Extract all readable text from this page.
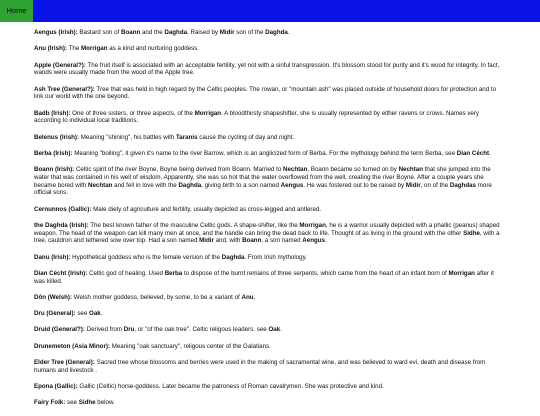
Home
Aengus (Irish): Bastard son of Boann and the Daghda. Raised by Midir son of the Daghda.
Anu (Irish): The Morrigan as a kind and nurturing goddess.
Apple (General?): The fruit itself is associated with an acceptable fertility, yet not with a sinful transgression. It's blossom stood for purity and it's wood for integrity. In fact, wands were usually made from the wood of the Apple tree.
Ash Tree (General?): Tree that was held in high regard by the Celtic peoples. The rowan, or "mountain ash" was placed outside of household doors for protection and to link our world with the one beyond.
Badb (Irish): One of three sisters, or three aspects, of the Morrigan. A bloodthirsty shapeshifter, she is usually represented by either ravens or crows. Names very according to individual local traditions.
Belenus (Irish): Meaning "shining", his battles with Taranis cause the cycling of day and night.
Berba (Irish): Meaning "boiling", it given it's name to the river Barrow, which is an anglicized form of Berba. For the mythology behind the term Berba, see Dian Cécht.
Boann (Irish): Celtic spirit of the river Boyne, Boyne being derived from Boann. Married to Nechtan. Boann became so turned on by Nechtan that she jumped into the water that was contained in his well of wisdom. Apparently, she was so hot that the water overflowed from the well, creating the river Boyne. After a couple years she became bored with Nechtan and fell in love with the Daghda, giving birth to a son named Aengus. He was fostered out to be raised by Midir, on of the Daghdas more official sons.
Cernunnos (Gallic): Male diety of agriculture and fertility, usually depicted as cross-legged and antlered.
the Daghda (Irish): The best known father of the masculine Celtic gods. A shape-shifter, like the Morrigan, he is a warrior usually depicted with a phallic (peanus) shaped weapon. The head of the weapon can kill many men at once, and the handle can bring the dead back to life. Thought of as living in the ground with the other Sidhe, with a tree, cauldron and tethered sow over top. Had a son named Midir and, with Boann, a son named Aengus.
Danu (Irish): Hypothetical goddess who is the female version of the Daghda. From Irish mythology.
Dian Cécht (Irish): Celtic god of healing. Used Berba to dispose of the burnt remains of three serpents, which came from the heart of an infant born of Morrigan after it was killed.
Dôn (Welsh): Welsh mother goddess, believed, by some, to be a variant of Anu.
Dru (General): see Oak.
Druid (General?): Derived from Dru, or "of the oak tree". Celtic religous leaders. see Oak.
Drunemeton (Asia Minor): Meaning "oak sanctuary", religous center of the Galatians.
Elder Tree (General): Sacred tree whose blossoms and berries were used in the making of sacramental wine, and was believed to ward evi, death and disease from humans and livestock .
Epona (Gallic): Gallic (Celtic) horse-goddess. Later became the patroness of Roman cavalrymen. She was protective and kind.
Fairy Folk: see Sidhe below.
